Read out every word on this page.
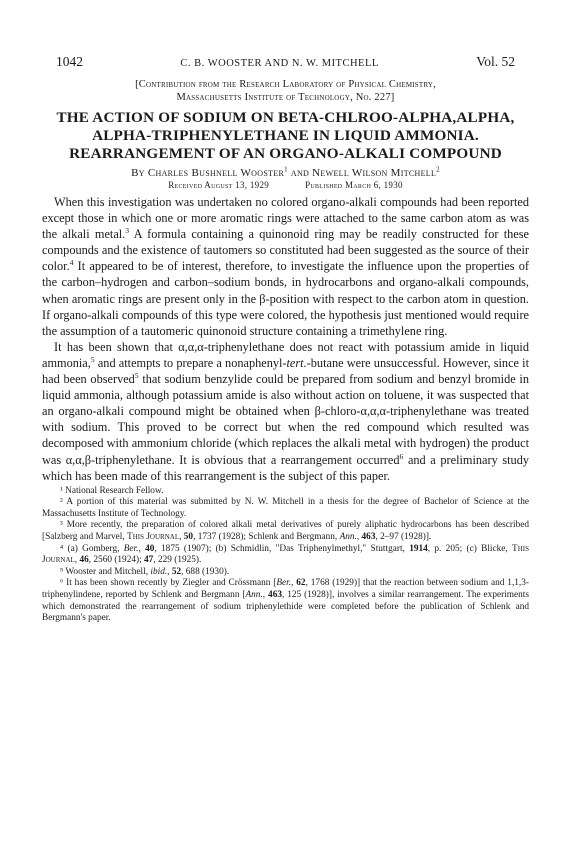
1042	C. B. WOOSTER AND N. W. MITCHELL	Vol. 52
[Contribution from the Research Laboratory of Physical Chemistry,
Massachusetts Institute of Technology, No. 227]
THE ACTION OF SODIUM ON BETA-CHLROO-ALPHA,ALPHA,
ALPHA-TRIPHENYLETHANE IN LIQUID AMMONIA.
REARRANGEMENT OF AN ORGANO-ALKALI COMPOUND
By Charles Bushnell Wooster$^1$ and Newell Wilson Mitchell$^2$
Received August 13, 1929	Published March 6, 1930

When this investigation was undertaken no colored organo-alkali compounds had been reported except those in which one or more aromatic rings were attached to the same carbon atom as was the alkali metal.$^3$ A formula containing a quinonoid ring may be readily constructed for these compounds and the existence of tautomers so constituted had been suggested as the source of their color.$^4$ It appeared to be of interest, therefore, to investigate the influence upon the properties of the carbon–hydrogen and carbon–sodium bonds, in hydrocarbons and organo-alkali compounds, when aromatic rings are present only in the β-position with respect to the carbon atom in question. If organo-alkali compounds of this type were colored, the hypothesis just mentioned would require the assumption of a tautomeric quinonoid structure containing a trimethylene ring.

It has been shown that α,α,α-triphenylethane does not react with potassium amide in liquid ammonia,$^5$ and attempts to prepare a nonaphenyl-tert.-butane were unsuccessful. However, since it had been observed$^5$ that sodium benzylide could be prepared from sodium and benzyl bromide in liquid ammonia, although potassium amide is also without action on toluene, it was suspected that an organo-alkali compound might be obtained when β-chloro-α,α,α-triphenylethane was treated with sodium. This proved to be correct but when the red compound which resulted was decomposed with ammonium chloride (which replaces the alkali metal with hydrogen) the product was α,α,β-triphenylethane. It is obvious that a rearrangement occurred$^6$ and a preliminary study which has been made of this rearrangement is the subject of this paper.

¹ National Research Fellow.

² A portion of this material was submitted by N. W. Mitchell in a thesis for the degree of Bachelor of Science at the Massachusetts Institute of Technology.

³ More recently, the preparation of colored alkali metal derivatives of purely aliphatic hydrocarbons has been described [Salzberg and Marvel, This Journal, 50, 1737 (1928); Schlenk and Bergmann, Ann., 463, 2–97 (1928)].

⁴ (a) Gomberg, Ber., 40, 1875 (1907); (b) Schmidlin, "Das Triphenylmethyl," Stuttgart, 1914, p. 205; (c) Blicke, This Journal, 46, 2560 (1924); 47, 229 (1925).

⁵ Wooster and Mitchell, ibid., 52, 688 (1930).

⁶ It has been shown recently by Ziegler and Crössmann [Ber., 62, 1768 (1929)] that the reaction between sodium and 1,1,3-triphenylindene, reported by Schlenk and Bergmann [Ann., 463, 125 (1928)], involves a similar rearrangement. The experiments which demonstrated the rearrangement of sodium triphenylethide were completed before the publication of Schlenk and Bergmann's paper.
